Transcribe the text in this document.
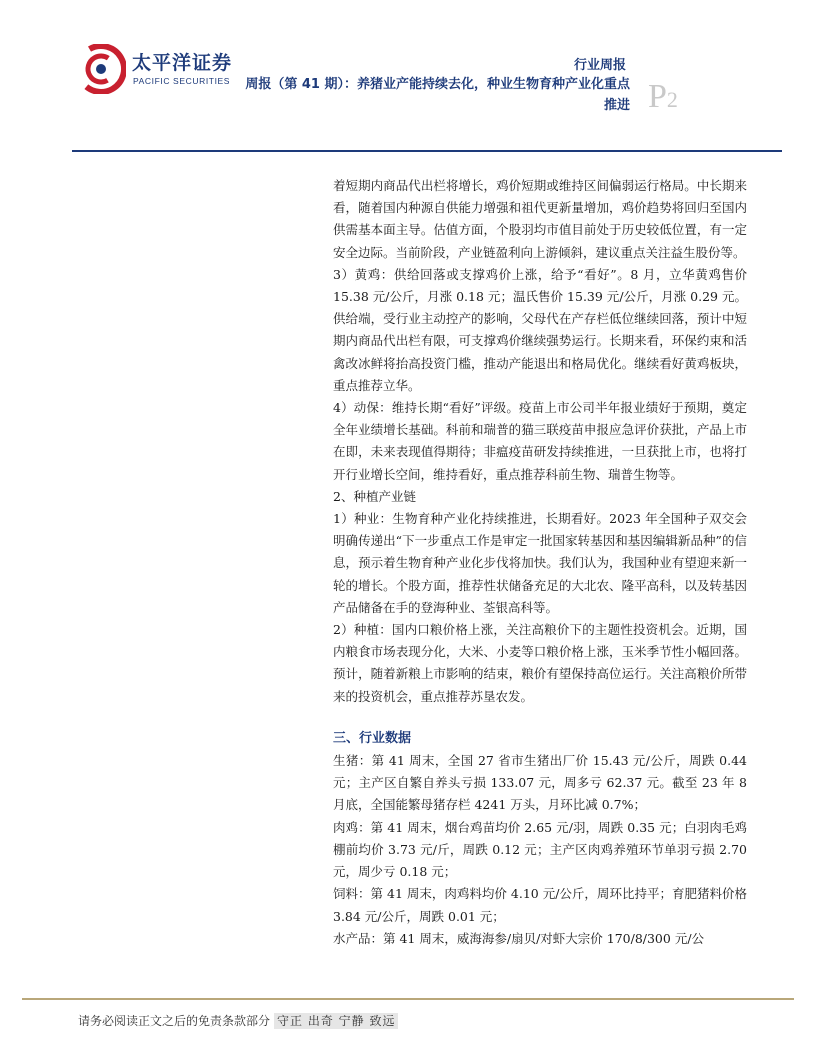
太平洋证券
PACIFIC SECURITIES
行业周报
周报（第 41 期）：养猪业产能持续去化，种业生物育种产业化重点推进 P2

着短期内商品代出栏将增长，鸡价短期或维持区间偏弱运行格局。中长期来看，随着国内种源自供能力增强和祖代更新量增加，鸡价趋势将回归至国内供需基本面主导。估值方面，个股羽均市值目前处于历史较低位置，有一定安全边际。当前阶段，产业链盈利向上游倾斜，建议重点关注益生股份等。

3）黄鸡：供给回落或支撑鸡价上涨，给予“看好”。8 月，立华黄鸡售价 15.38 元/公斤，月涨 0.18 元；温氏售价 15.39 元/公斤，月涨 0.29 元。供给端，受行业主动控产的影响，父母代在产存栏低位继续回落，预计中短期内商品代出栏有限，可支撑鸡价继续强势运行。长期来看，环保约束和活禽改冰鲜将抬高投资门槛，推动产能退出和格局优化。继续看好黄鸡板块，重点推荐立华。

4）动保：维持长期“看好”评级。疫苗上市公司半年报业绩好于预期，奠定全年业绩增长基础。科前和瑞普的猫三联疫苗申报应急评价获批，产品上市在即，未来表现值得期待；非瘟疫苗研发持续推进，一旦获批上市，也将打开行业增长空间，维持看好，重点推荐科前生物、瑞普生物等。

2、种植产业链

1）种业：生物育种产业化持续推进，长期看好。2023 年全国种子双交会明确传递出“下一步重点工作是审定一批国家转基因和基因编辑新品种”的信息，预示着生物育种产业化步伐将加快。我们认为，我国种业有望迎来新一轮的增长。个股方面，推荐性状储备充足的大北农、隆平高科，以及转基因产品储备在手的登海种业、荃银高科等。

2）种植：国内口粮价格上涨，关注高粮价下的主题性投资机会。近期，国内粮食市场表现分化，大米、小麦等口粮价格上涨，玉米季节性小幅回落。预计，随着新粮上市影响的结束，粮价有望保持高位运行。关注高粮价所带来的投资机会，重点推荐苏垦农发。

三、行业数据

生猪：第 41 周末，全国 27 省市生猪出厂价 15.43 元/公斤，周跌 0.44 元；主产区自繁自养头亏损 133.07 元，周多亏 62.37 元。截至 23 年 8 月底，全国能繁母猪存栏 4241 万头，月环比减 0.7%；

肉鸡：第 41 周末，烟台鸡苗均价 2.65 元/羽，周跌 0.35 元；白羽肉毛鸡棚前均价 3.73 元/斤，周跌 0.12 元；主产区肉鸡养殖环节单羽亏损 2.70 元，周少亏 0.18 元；

饲料：第 41 周末，肉鸡料均价 4.10 元/公斤，周环比持平；育肥猪料价格 3.84 元/公斤，周跌 0.01 元；

水产品：第 41 周末，威海海参/扇贝/对虾大宗价 170/8/300 元/公

请务必阅读正文之后的免责条款部分 守正 出奇 宁静 致远
